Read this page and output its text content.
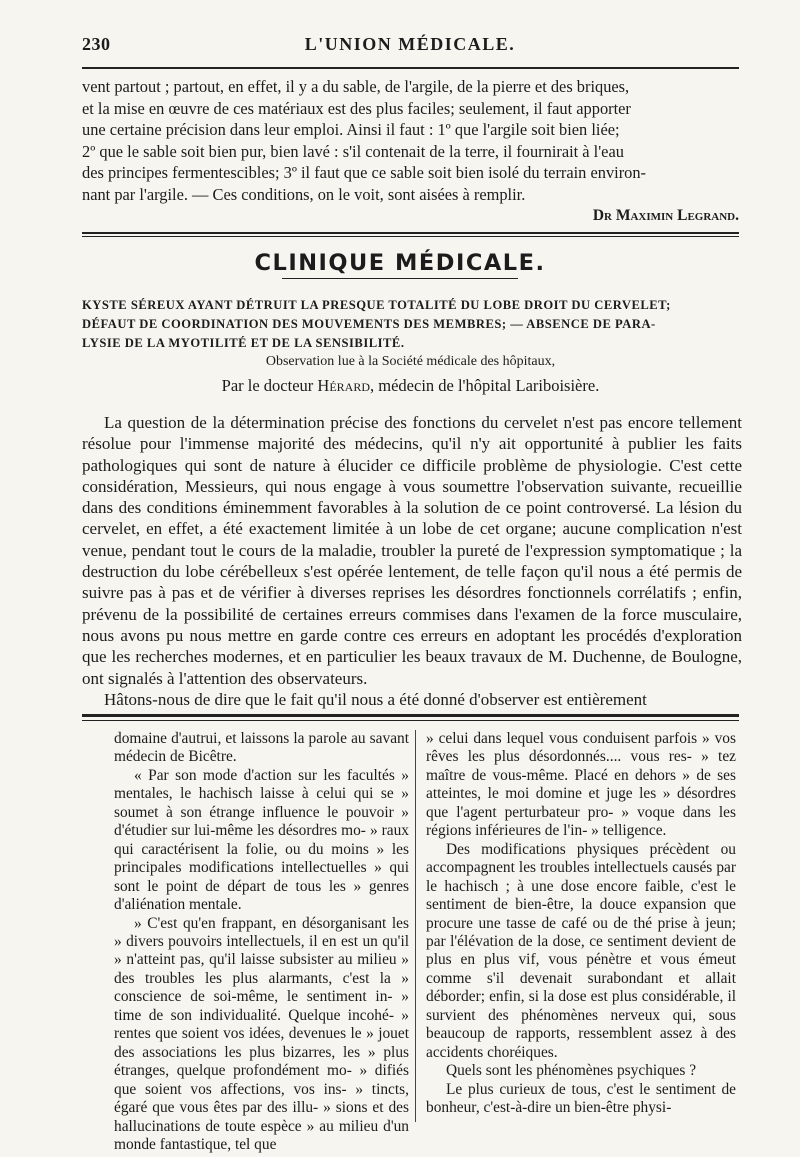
230	L'UNION MÉDICALE.
vent partout ; partout, en effet, il y a du sable, de l'argile, de la pierre et des briques,
et la mise en œuvre de ces matériaux est des plus faciles; seulement, il faut apporter
une certaine précision dans leur emploi. Ainsi il faut : 1º que l'argile soit bien liée;
2º que le sable soit bien pur, bien lavé : s'il contenait de la terre, il fournirait à l'eau
des principes fermentescibles; 3º il faut que ce sable soit bien isolé du terrain environ-
nant par l'argile. — Ces conditions, on le voit, sont aisées à remplir.
Dr Maximin Legrand.
CLINIQUE MÉDICALE.
KYSTE SÉREUX AYANT DÉTRUIT LA PRESQUE TOTALITÉ DU LOBE DROIT DU CERVELET;
DÉFAUT DE COORDINATION DES MOUVEMENTS DES MEMBRES; — ABSENCE DE PARA-
LYSIE DE LA MYOTILITÉ ET DE LA SENSIBILITÉ.
Observation lue à la Société médicale des hôpitaux,
Par le docteur Hérard, médecin de l'hôpital Lariboisière.

La question de la détermination précise des fonctions du cervelet n'est pas encore tellement résolue pour l'immense majorité des médecins, qu'il n'y ait opportunité à publier les faits pathologiques qui sont de nature à élucider ce difficile problème de physiologie. C'est cette considération, Messieurs, qui nous engage à vous soumettre l'observation suivante, recueillie dans des conditions éminemment favorables à la solution de ce point controversé. La lésion du cervelet, en effet, a été exactement limitée à un lobe de cet organe; aucune complication n'est venue, pendant tout le cours de la maladie, troubler la pureté de l'expression symptomatique ; la destruction du lobe cérébelleux s'est opérée lentement, de telle façon qu'il nous a été permis de suivre pas à pas et de vérifier à diverses reprises les désordres fonctionnels corrélatifs ; enfin, prévenu de la possibilité de certaines erreurs commises dans l'examen de la force musculaire, nous avons pu nous mettre en garde contre ces erreurs en adoptant les procédés d'exploration que les recherches modernes, et en particulier les beaux travaux de M. Duchenne, de Boulogne, ont signalés à l'attention des observateurs.

Hâtons-nous de dire que le fait qu'il nous a été donné d'observer est entièrement

domaine d'autrui, et laissons la parole au savant médecin de Bicêtre.

« Par son mode d'action sur les facultés » mentales, le hachisch laisse à celui qui se » soumet à son étrange influence le pouvoir » d'étudier sur lui-même les désordres mo- » raux qui caractérisent la folie, ou du moins » les principales modifications intellectuelles » qui sont le point de départ de tous les » genres d'aliénation mentale.

» C'est qu'en frappant, en désorganisant les » divers pouvoirs intellectuels, il en est un qu'il » n'atteint pas, qu'il laisse subsister au milieu » des troubles les plus alarmants, c'est la » conscience de soi-même, le sentiment in- » time de son individualité. Quelque incohé- » rentes que soient vos idées, devenues le » jouet des associations les plus bizarres, les » plus étranges, quelque profondément mo- » difiés que soient vos affections, vos ins- » tincts, égaré que vous êtes par des illu- » sions et des hallucinations de toute espèce » au milieu d'un monde fantastique, tel que

» celui dans lequel vous conduisent parfois » vos rêves les plus désordonnés.... vous res- » tez maître de vous-même. Placé en dehors » de ses atteintes, le moi domine et juge les » désordres que l'agent perturbateur pro- » voque dans les régions inférieures de l'in- » telligence.

Des modifications physiques précèdent ou accompagnent les troubles intellectuels causés par le hachisch ; à une dose encore faible, c'est le sentiment de bien-être, la douce expansion que procure une tasse de café ou de thé prise à jeun; par l'élévation de la dose, ce sentiment devient de plus en plus vif, vous pénètre et vous émeut comme s'il devenait surabondant et allait déborder; enfin, si la dose est plus considérable, il survient des phénomènes nerveux qui, sous beaucoup de rapports, ressemblent assez à des accidents choréiques.

Quels sont les phénomènes psychiques ?

Le plus curieux de tous, c'est le sentiment de bonheur, c'est-à-dire un bien-être physi-
